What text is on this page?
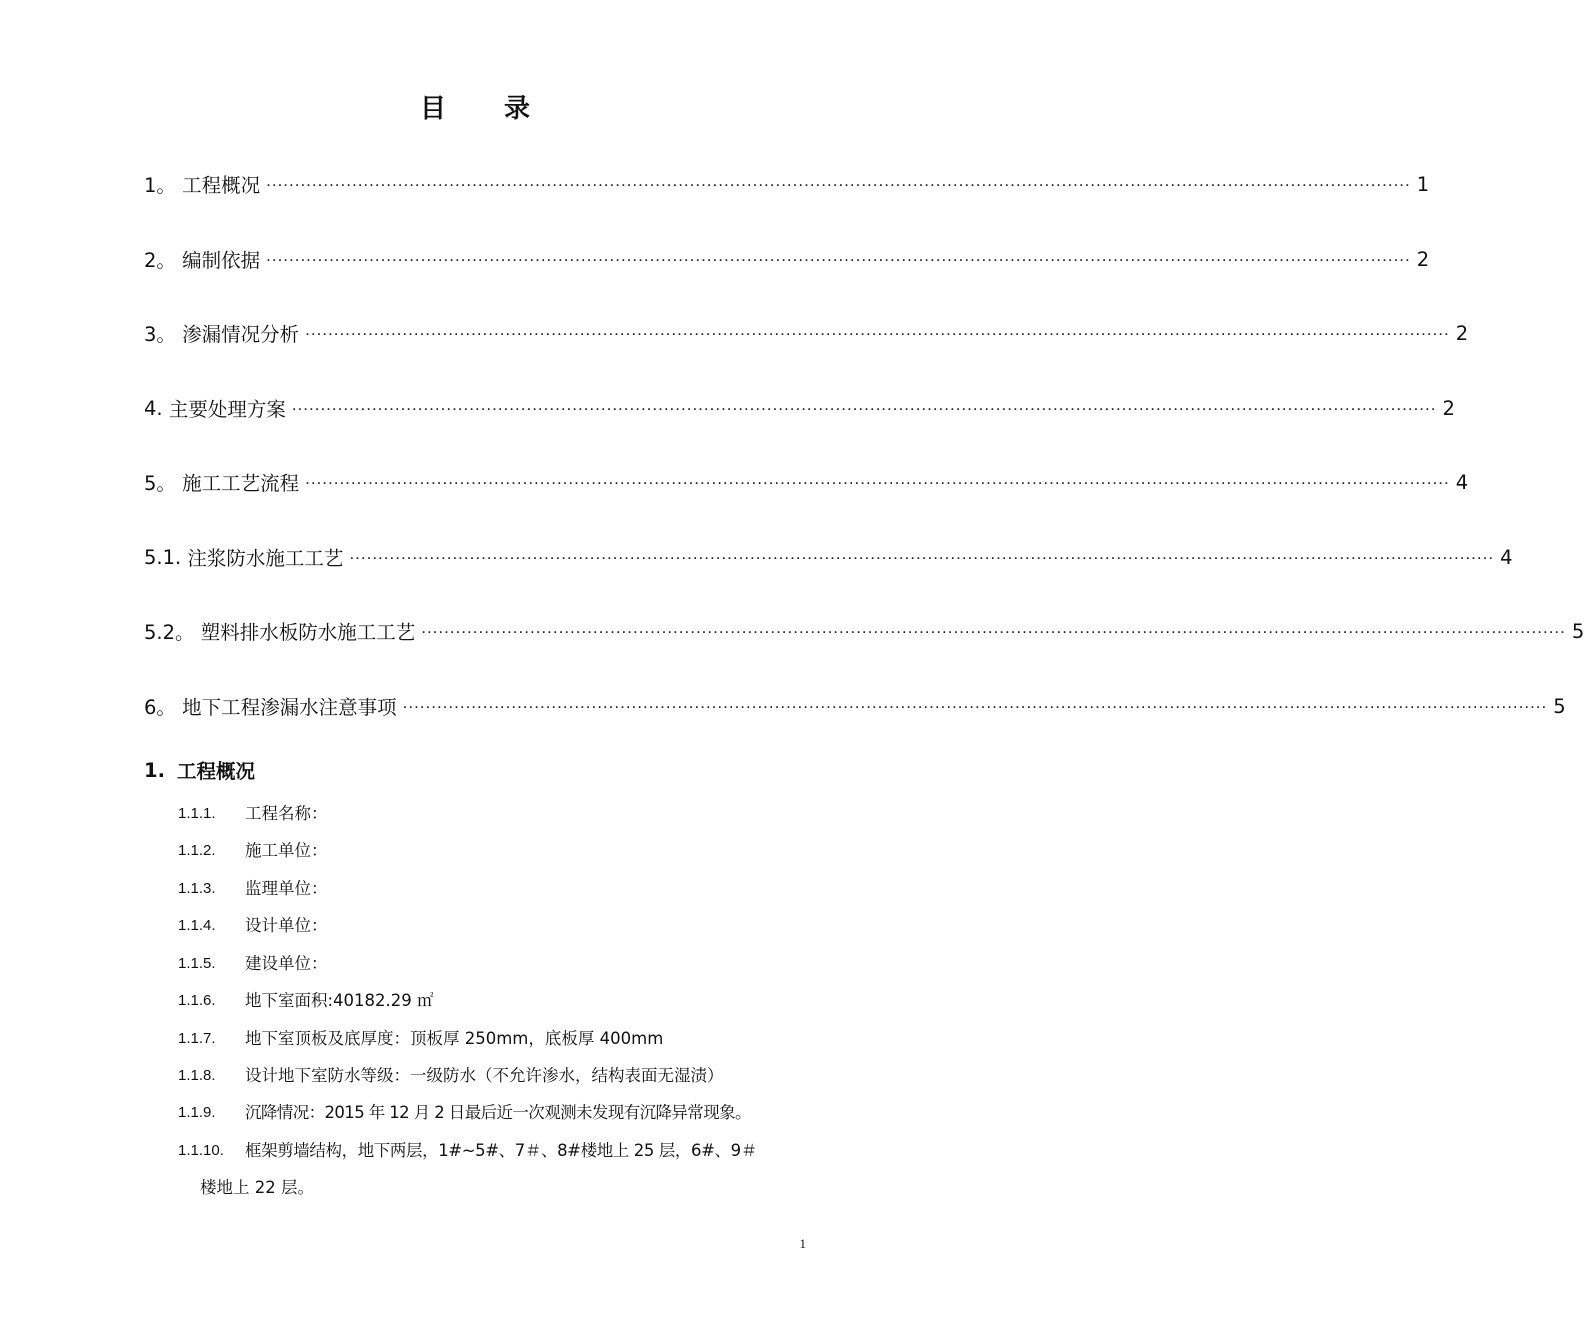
目 录
1。 工程概况 ........................................................................................................................................................................................................ 1
2。 编制依据 ........................................................................................................................................................................................................ 2
3。 渗漏情况分析 ........................................................................................................................................................................................................ 2
4. 主要处理方案 ........................................................................................................................................................................................................ 2
5。 施工工艺流程 ........................................................................................................................................................................................................ 4
5.1. 注浆防水施工工艺 ........................................................................................................................................................................................................ 4
5.2。 塑料排水板防水施工工艺 ........................................................................................................................................................................................................ 5
6。 地下工程渗漏水注意事项 ........................................................................................................................................................................................................ 5
1. 工程概况
1.1.1.	工程名称：
1.1.2.	施工单位：
1.1.3.	监理单位：
1.1.4.	设计单位：
1.1.5.	建设单位：
1.1.6.	地下室面积:40182.29 ㎡
1.1.7.	地下室顶板及底厚度：顶板厚 250mm，底板厚 400mm
1.1.8.	设计地下室防水等级：一级防水（不允许渗水，结构表面无湿渍）
1.1.9.	沉降情况：2015 年 12 月 2 日最后近一次观测未发现有沉降异常现象。
1.1.10.	框架剪墙结构，地下两层，1#~5#、7＃、8#楼地上 25 层，6#、9＃
楼地上 22 层。
1
